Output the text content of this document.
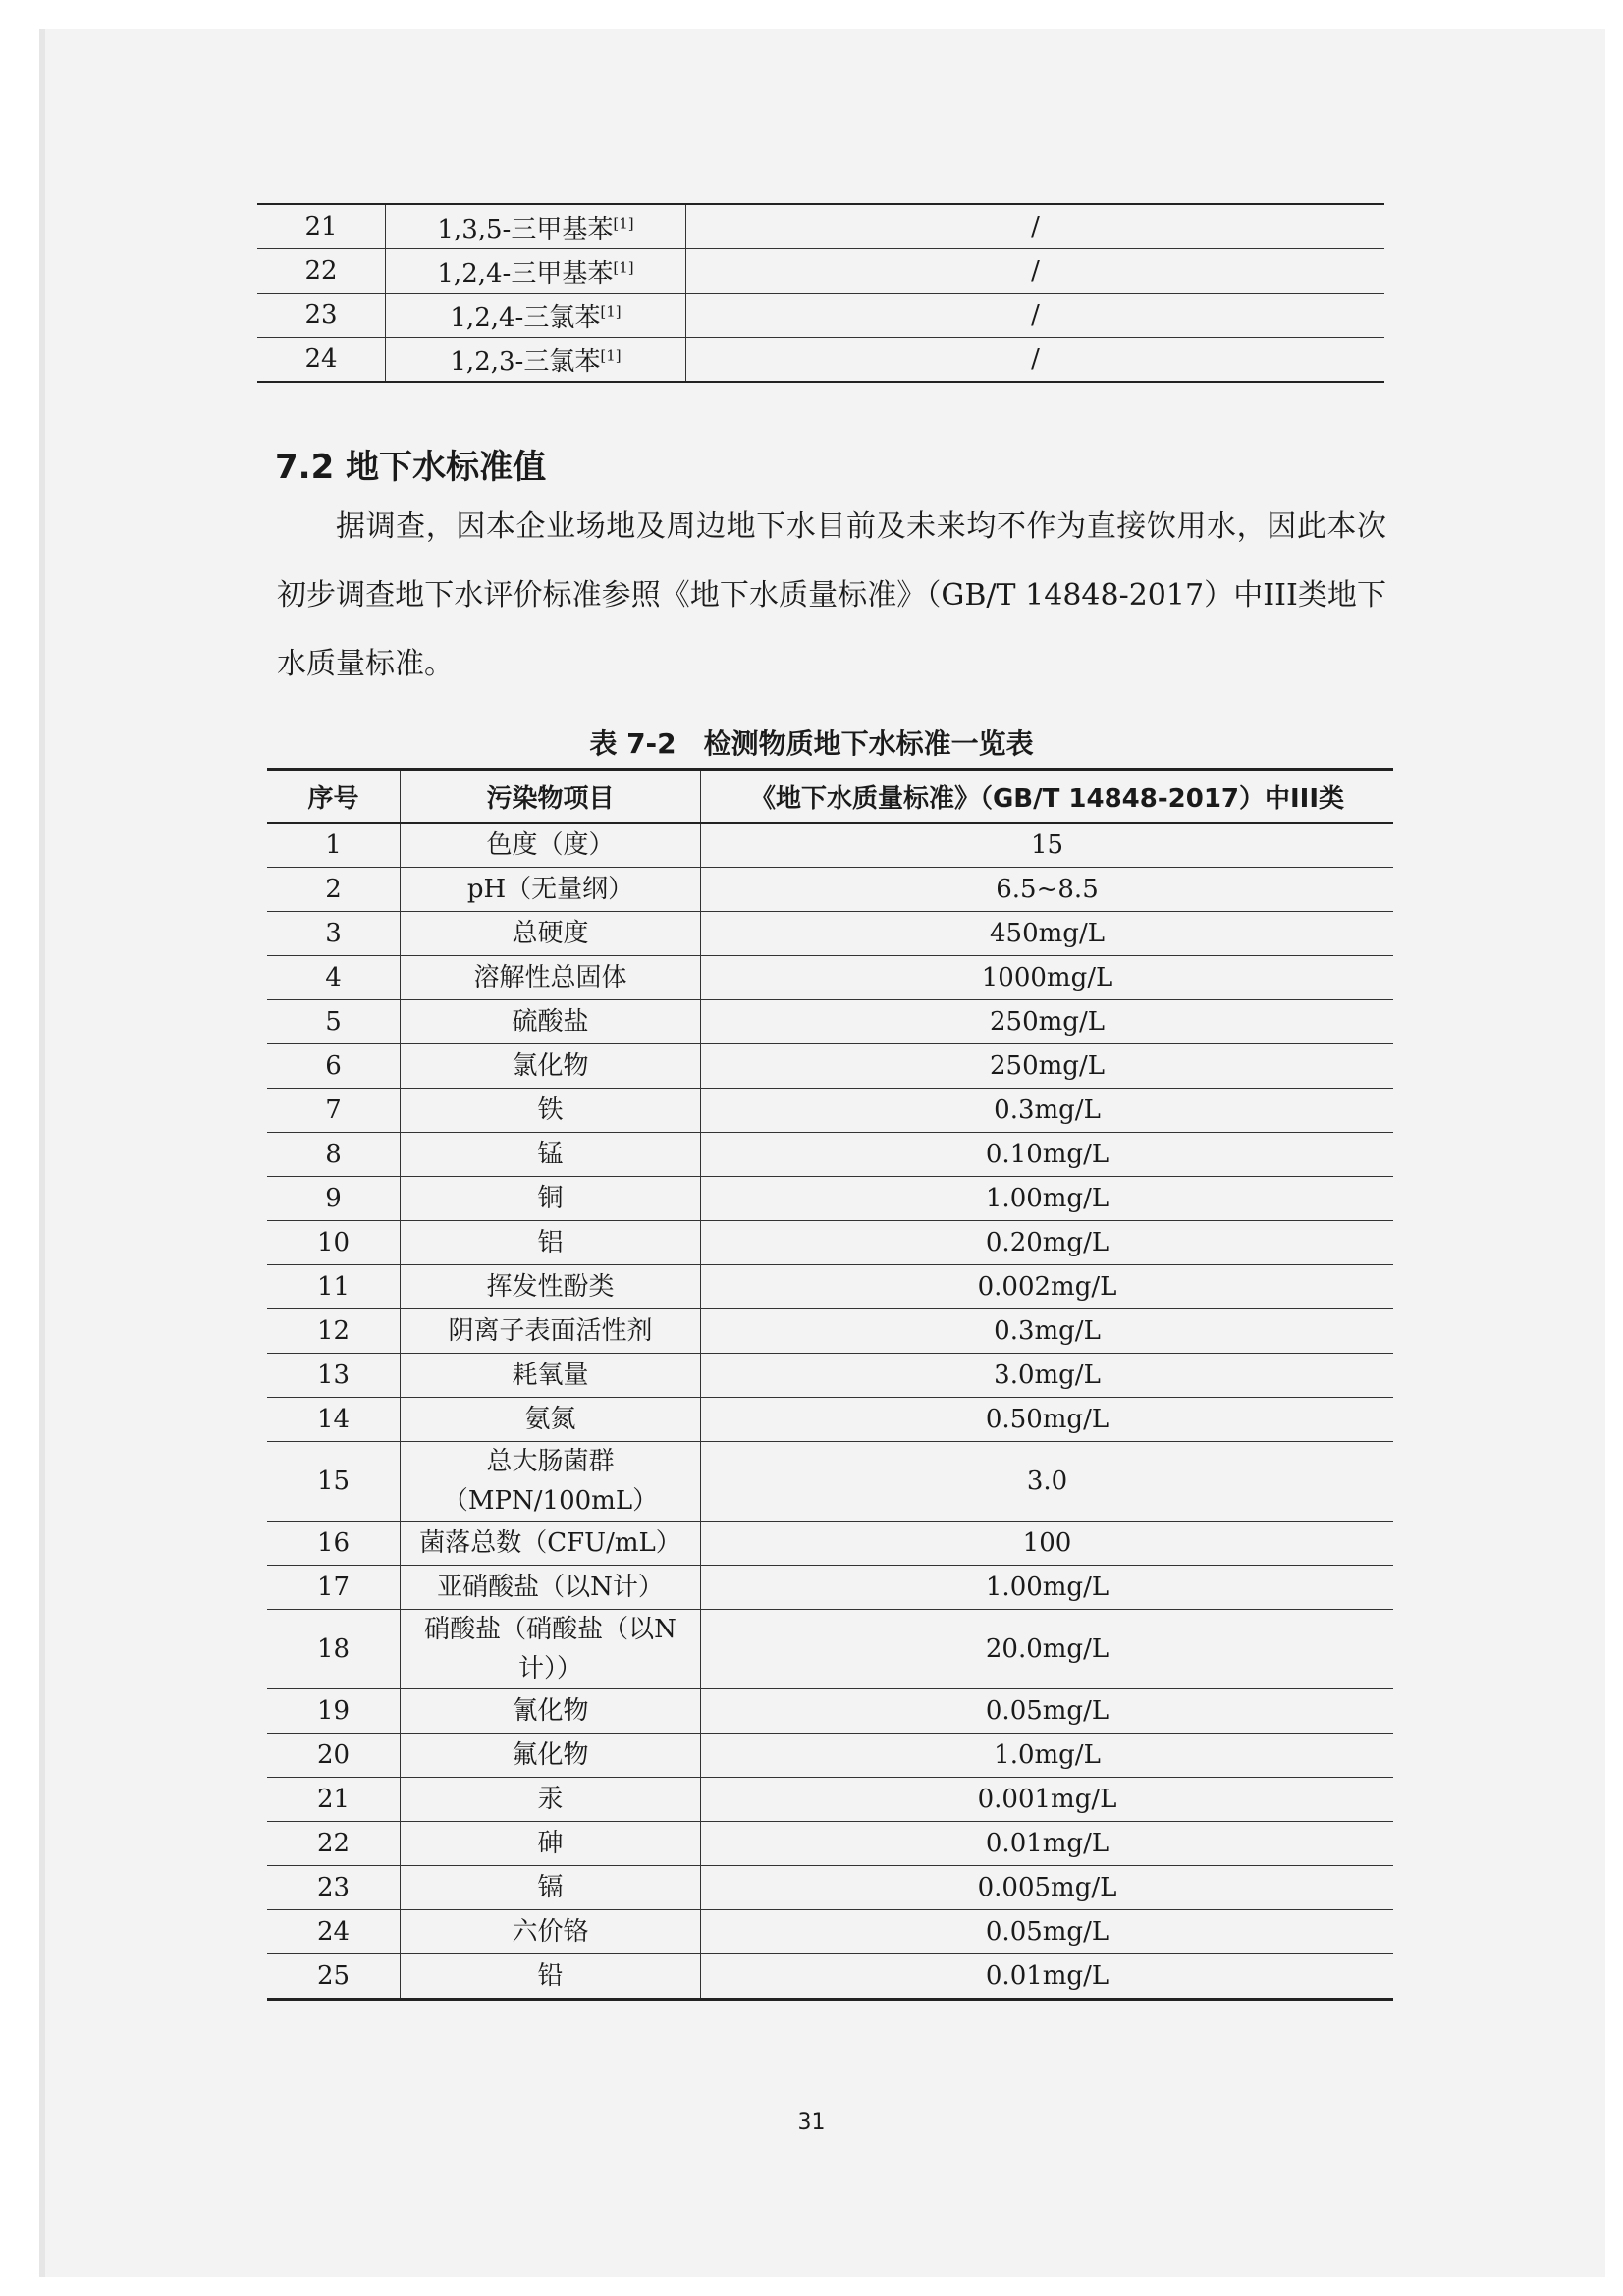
21	1,3,5-三甲基苯[1]	/
22	1,2,4-三甲基苯[1]	/
23	1,2,4-三氯苯[1]	/
24	1,2,3-三氯苯[1]	/
7.2 地下水标准值

据调查，因本企业场地及周边地下水目前及未来均不作为直接饮用水，因此本次初步调查地下水评价标准参照《地下水质量标准》（GB/T 14848-2017）中III类地下水质量标准。

表 7-2　检测物质地下水标准一览表

序号	污染物项目	《地下水质量标准》（GB/T 14848-2017）中III类
1	色度（度）	15
2	pH（无量纲）	6.5~8.5
3	总硬度	450mg/L
4	溶解性总固体	1000mg/L
5	硫酸盐	250mg/L
6	氯化物	250mg/L
7	铁	0.3mg/L
8	锰	0.10mg/L
9	铜	1.00mg/L
10	铝	0.20mg/L
11	挥发性酚类	0.002mg/L
12	阴离子表面活性剂	0.3mg/L
13	耗氧量	3.0mg/L
14	氨氮	0.50mg/L
15	总大肠菌群（MPN/100mL）	3.0
16	菌落总数（CFU/mL）	100
17	亚硝酸盐（以N计）	1.00mg/L
18	硝酸盐（硝酸盐（以N计））	20.0mg/L
19	氰化物	0.05mg/L
20	氟化物	1.0mg/L
21	汞	0.001mg/L
22	砷	0.01mg/L
23	镉	0.005mg/L
24	六价铬	0.05mg/L
25	铅	0.01mg/L
31
